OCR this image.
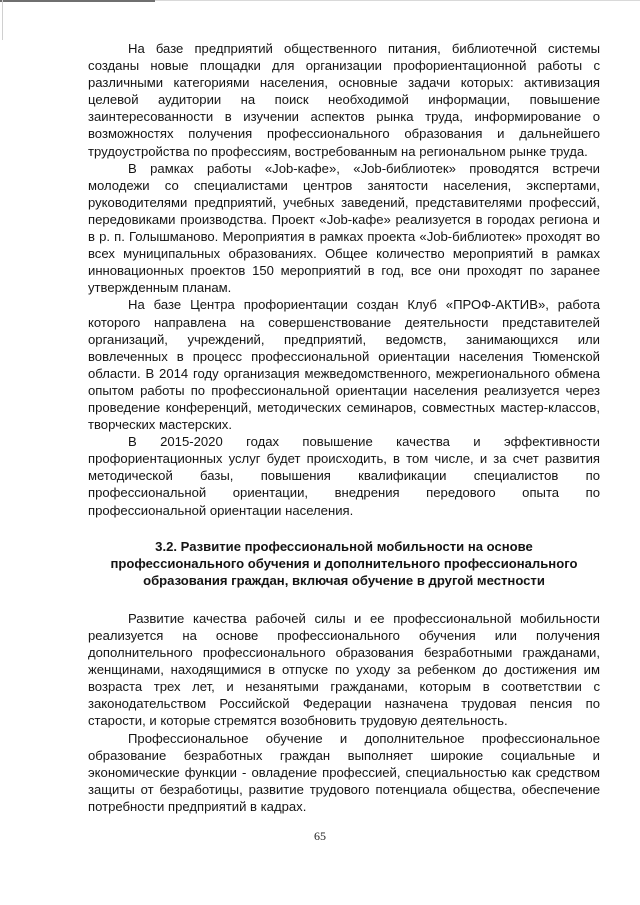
На базе предприятий общественного питания, библиотечной системы созданы новые площадки для организации профориентационной работы с различными категориями населения, основные задачи которых: активизация целевой аудитории на поиск необходимой информации, повышение заинтересованности в изучении аспектов рынка труда, информирование о возможностях получения профессионального образования и дальнейшего трудоустройства по профессиям, востребованным на региональном рынке труда.

В рамках работы «Job-кафе», «Job-библиотек» проводятся встречи молодежи со специалистами центров занятости населения, экспертами, руководителями предприятий, учебных заведений, представителями профессий, передовиками производства. Проект «Job-кафе» реализуется в городах региона и в р. п. Голышманово. Мероприятия в рамках проекта «Job-библиотек» проходят во всех муниципальных образованиях. Общее количество мероприятий в рамках инновационных проектов 150 мероприятий в год, все они проходят по заранее утвержденным планам.

На базе Центра профориентации создан Клуб «ПРОФ-АКТИВ», работа которого направлена на совершенствование деятельности представителей организаций, учреждений, предприятий, ведомств, занимающихся или вовлеченных в процесс профессиональной ориентации населения Тюменской области. В 2014 году организация межведомственного, межрегионального обмена опытом работы по профессиональной ориентации населения реализуется через проведение конференций, методических семинаров, совместных мастер-классов, творческих мастерских.

В 2015-2020 годах повышение качества и эффективности профориентационных услуг будет происходить, в том числе, и за счет развития методической базы, повышения квалификации специалистов по профессиональной ориентации, внедрения передового опыта по профессиональной ориентации населения.

3.2. Развитие профессиональной мобильности на основе профессионального обучения и дополнительного профессионального образования граждан, включая обучение в другой местности

Развитие качества рабочей силы и ее профессиональной мобильности реализуется на основе профессионального обучения или получения дополнительного профессионального образования безработными гражданами, женщинами, находящимися в отпуске по уходу за ребенком до достижения им возраста трех лет, и незанятыми гражданами, которым в соответствии с законодательством Российской Федерации назначена трудовая пенсия по старости, и которые стремятся возобновить трудовую деятельность.

Профессиональное обучение и дополнительное профессиональное образование безработных граждан выполняет широкие социальные и экономические функции - овладение профессией, специальностью как средством защиты от безработицы, развитие трудового потенциала общества, обеспечение потребности предприятий в кадрах.

65
